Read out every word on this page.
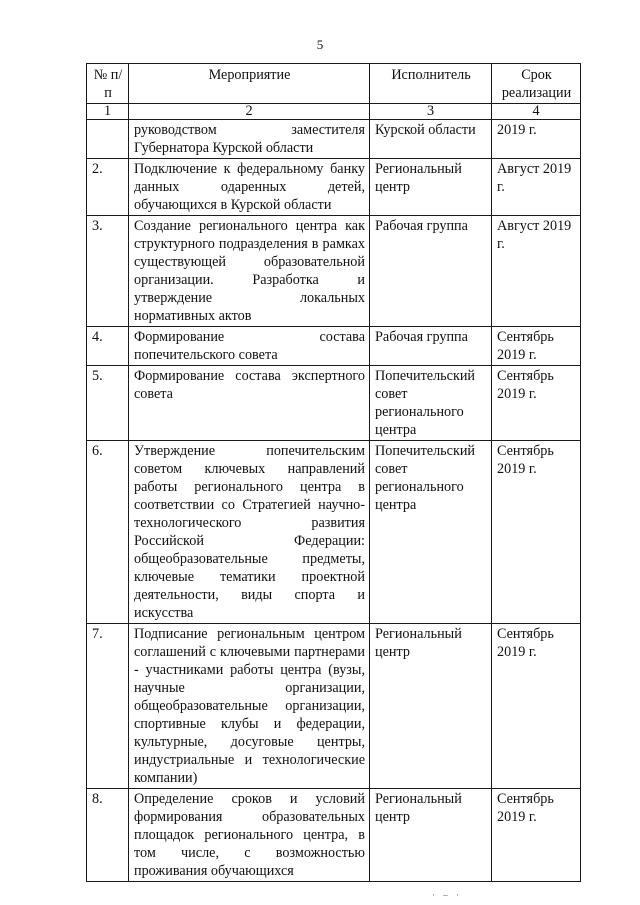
5
№ п/п	Мероприятие	Исполнитель	Срок реализации
1	2	3	4
	руководством заместителя Губернатора Курской области	Курской области	2019 г.
2.	Подключение к федеральному банку данных одаренных детей, обучающихся в Курской области	Региональный центр	Август 2019 г.
3.	Создание регионального центра как структурного подразделения в рамках существующей образовательной организации. Разработка и утверждение локальных нормативных актов	Рабочая группа	Август 2019 г.
4.	Формирование состава попечительского совета	Рабочая группа	Сентябрь 2019 г.
5.	Формирование состава экспертного совета	Попечительский совет регионального центра	Сентябрь 2019 г.
6.	Утверждение попечительским советом ключевых направлений работы регионального центра в соответствии со Стратегией научно-технологического развития Российской Федерации: общеобразовательные предметы, ключевые тематики проектной деятельности, виды спорта и искусства	Попечительский совет регионального центра	Сентябрь 2019 г.
7.	Подписание региональным центром соглашений с ключевыми партнерами - участниками работы центра (вузы, научные организации, общеобразовательные организации, спортивные клубы и федерации, культурные, досуговые центры, индустриальные и технологические компании)	Региональный центр	Сентябрь 2019 г.
8.	Определение сроков и условий формирования образовательных площадок регионального центра, в том числе, с возможностью проживания обучающихся	Региональный центр	Сентябрь 2019 г.
· ‒ ·
